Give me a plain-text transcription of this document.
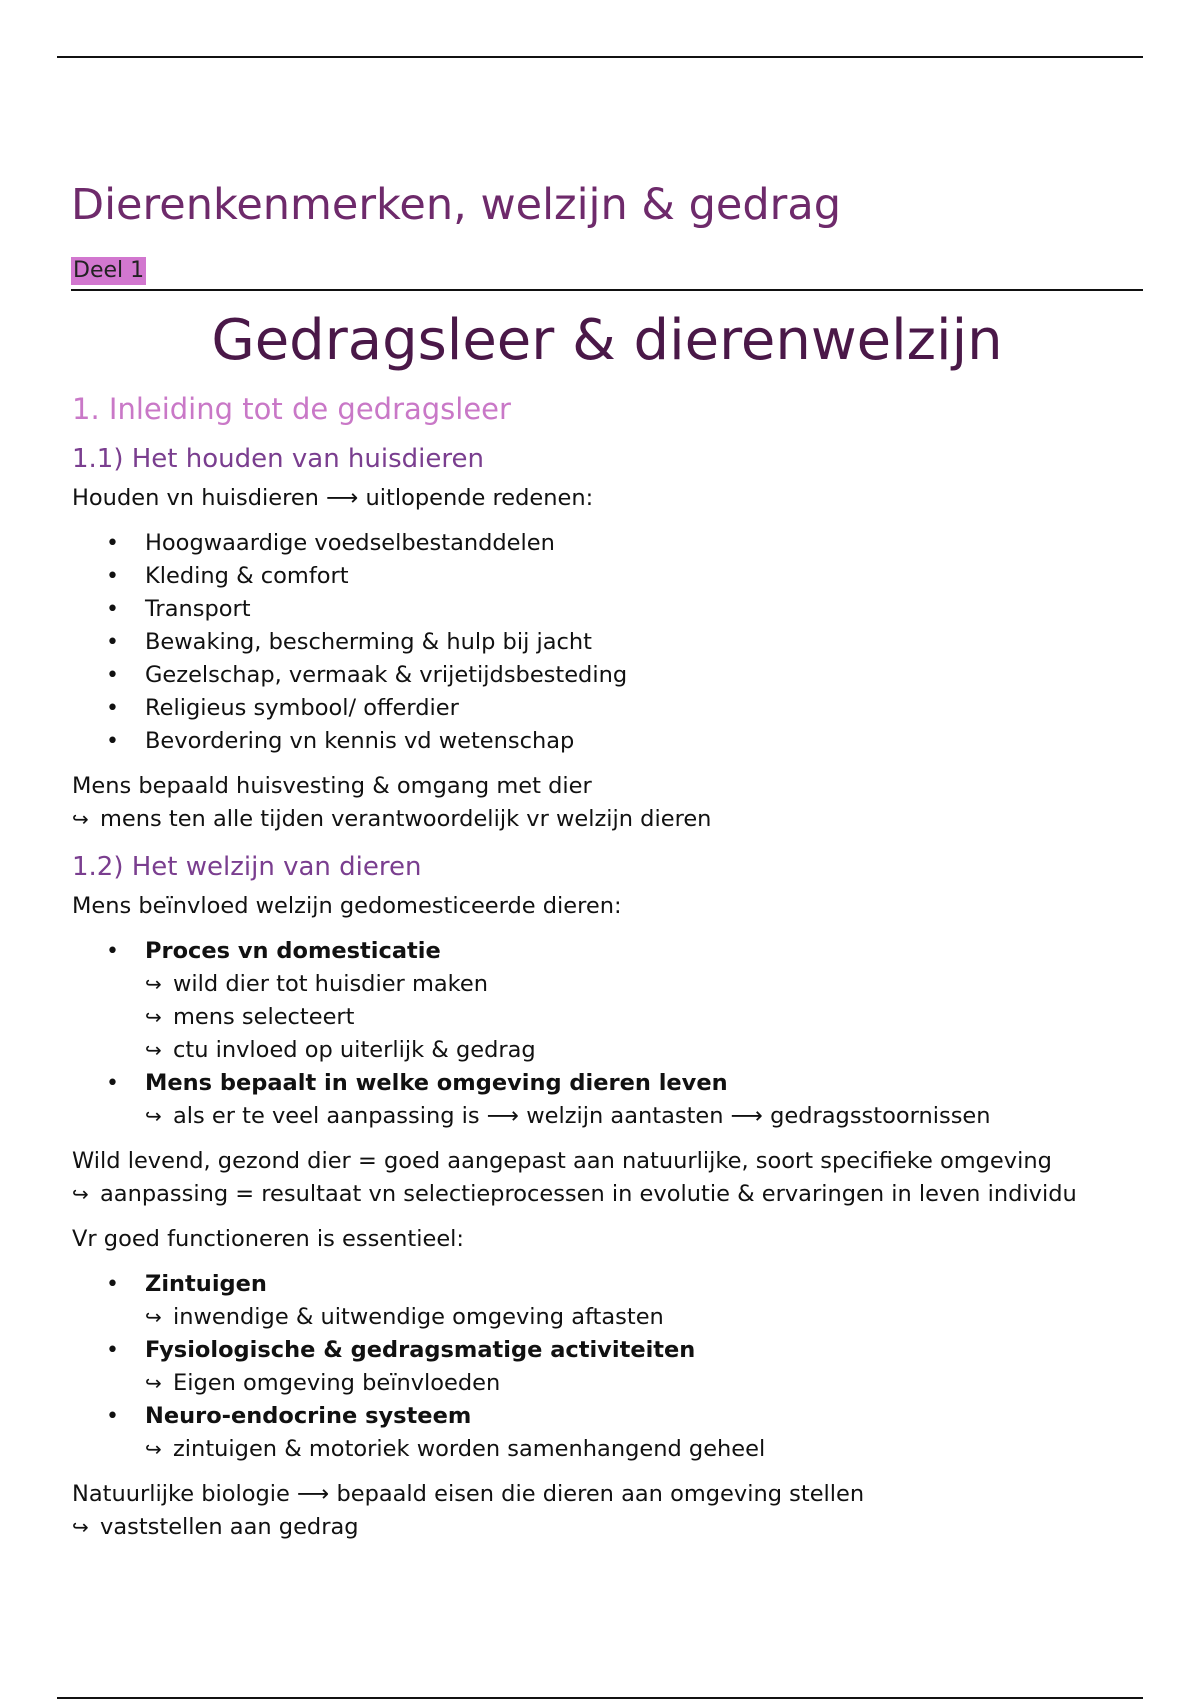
Dierenkenmerken, welzijn & gedrag
Deel 1
Gedragsleer & dierenwelzijn
1. Inleiding tot de gedragsleer
1.1) Het houden van huisdieren

Houden vn huisdieren ⟶ uitlopende redenen:

• Hoogwaardige voedselbestanddelen
• Kleding & comfort
• Transport
• Bewaking, bescherming & hulp bij jacht
• Gezelschap, vermaak & vrijetijdsbesteding
• Religieus symbool/ offerdier
• Bevordering vn kennis vd wetenschap

Mens bepaald huisvesting & omgang met dier
↪ mens ten alle tijden verantwoordelijk vr welzijn dieren

1.2) Het welzijn van dieren

Mens beïnvloed welzijn gedomesticeerde dieren:

• Proces vn domesticatie
↪ wild dier tot huisdier maken
↪ mens selecteert
↪ ctu invloed op uiterlijk & gedrag
• Mens bepaalt in welke omgeving dieren leven
↪ als er te veel aanpassing is ⟶ welzijn aantasten ⟶ gedragsstoornissen

Wild levend, gezond dier = goed aangepast aan natuurlijke, soort specifieke omgeving
↪ aanpassing = resultaat vn selectieprocessen in evolutie & ervaringen in leven individu

Vr goed functioneren is essentieel:

• Zintuigen
↪ inwendige & uitwendige omgeving aftasten
• Fysiologische & gedragsmatige activiteiten
↪ Eigen omgeving beïnvloeden
• Neuro-endocrine systeem
↪ zintuigen & motoriek worden samenhangend geheel

Natuurlijke biologie ⟶ bepaald eisen die dieren aan omgeving stellen
↪ vaststellen aan gedrag
